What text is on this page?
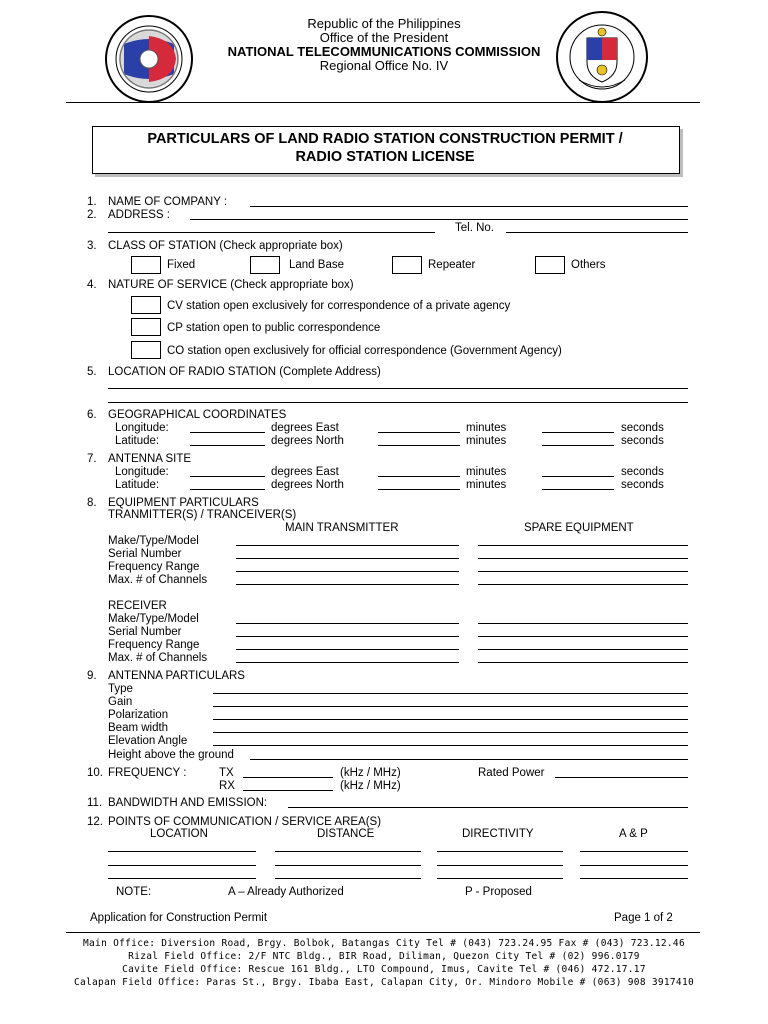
Republic of the Philippines
Office of the President
NATIONAL TELECOMMUNICATIONS COMMISSION
Regional Office No. IV
PARTICULARS OF LAND RADIO STATION CONSTRUCTION PERMIT /
RADIO STATION LICENSE
1. NAME OF COMPANY :
2. ADDRESS :
Tel. No.
3. CLASS OF STATION (Check appropriate box)
Fixed	Land Base	Repeater	Others
4. NATURE OF SERVICE (Check appropriate box)
CV station open exclusively for correspondence of a private agency
CP station open to public correspondence
CO station open exclusively for official correspondence (Government Agency)
5. LOCATION OF RADIO STATION (Complete Address)
6. GEOGRAPHICAL COORDINATES
Longitude:	degrees East	minutes	seconds
Latitude:	degrees North	minutes	seconds
7. ANTENNA SITE
Longitude:	degrees East	minutes	seconds
Latitude:	degrees North	minutes	seconds
8. EQUIPMENT PARTICULARS
TRANMITTER(S) / TRANCEIVER(S)
MAIN TRANSMITTER	SPARE EQUIPMENT
Make/Type/Model
Serial Number
Frequency Range
Max. # of Channels
RECEIVER
Make/Type/Model
Serial Number
Frequency Range
Max. # of Channels
9. ANTENNA PARTICULARS
Type
Gain
Polarization
Beam width
Elevation Angle
Height above the ground
10. FREQUENCY :	TX	(kHz / MHz)	Rated Power
RX	(kHz / MHz)
11. BANDWIDTH AND EMISSION:
12. POINTS OF COMMUNICATION / SERVICE AREA(S)
LOCATION	DISTANCE	DIRECTIVITY	A & P
NOTE:	A – Already Authorized	P - Proposed
Application for Construction Permit	Page 1 of 2
Main Office: Diversion Road, Brgy. Bolbok, Batangas City Tel # (043) 723.24.95 Fax # (043) 723.12.46
Rizal Field Office: 2/F NTC Bldg., BIR Road, Diliman, Quezon City Tel # (02) 996.0179
Cavite Field Office: Rescue 161 Bldg., LTO Compound, Imus, Cavite Tel # (046) 472.17.17
Calapan Field Office: Paras St., Brgy. Ibaba East, Calapan City, Or. Mindoro Mobile # (063) 908 3917410
